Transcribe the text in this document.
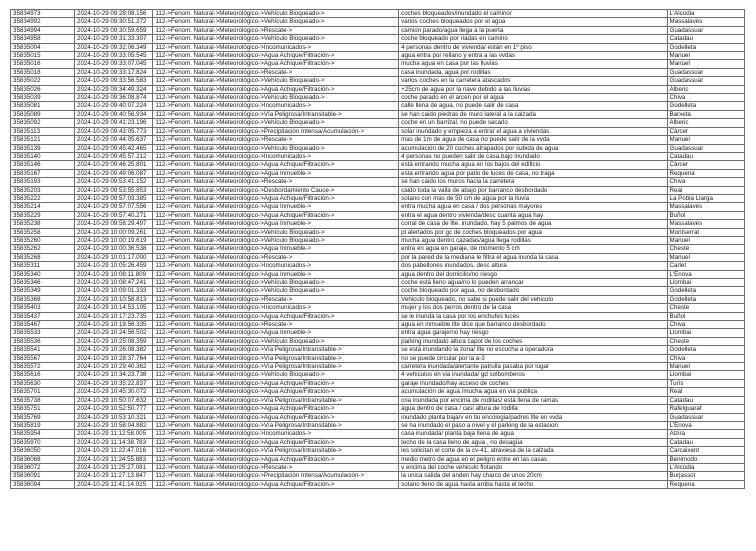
35834973	2024-10-29 09:28:08.156	112->Fenom. Natural->Meteorológico->Vehículo Bloqueado->	coches bloqueados/inundado el camino/	L'Alcúdia
35834992	2024-10-29 09:30:51.272	112->Fenom. Natural->Meteorológico->Vehículo Bloqueado->	varios coches bloqueados por el agua	Massalavés
35834994	2024-10-29 09:30:59.659	112->Fenom. Natural->Meteorológico->Rescate->	camion parado/agua llega a la puerta	Guadassuar
35834958	2024-10-29 09:31:33.307	112->Fenom. Natural->Meteorológico->Vehículo Bloqueado->	coche bloqueado por riadas en camino	Catadau
35835004	2024-10-29 09:32:06.349	112->Fenom. Natural->Meteorológico->Incomunicados->	4 personas dentro de vivienda/ están en 1º piso	Godelleta
35835015	2024-10-29 09:33:05.545	112->Fenom. Natural->Meteorológico->Agua Achique/Filtración->	agua entra por rellano y entra a las vvdas	Manuel
35835016	2024-10-29 09:33:07.045	112->Fenom. Natural->Meteorológico->Agua Achique/Filtración->	mucha agua en casa por las lluvias	Manuel
35835018	2024-10-29 09:33:17.824	112->Fenom. Natural->Meteorológico->Rescate->	casa inundada, agua por rodillas	Guadassuar
35835022	2024-10-29 09:33:56.583	112->Fenom. Natural->Meteorológico->Vehículo Bloqueado->	varios coches en la carretera atascados	Guadassuar
35835026	2024-10-29 09:34:49.324	112->Fenom. Natural->Meteorológico->Agua Achique/Filtración->	+25cm de agua por la nave debido a las lluvias	Alberic
35835039	2024-10-29 09:36:08.874	112->Fenom. Natural->Meteorológico->Vehículo Bloqueado->	coche parado en el arcen por el agua	Chiva
35835081	2024-10-29 09:40:07.224	112->Fenom. Natural->Meteorológico->Incomunicados->	calle llena de agua, no puede salir de casa	Godelleta
35835089	2024-10-29 09:40:56.934	112->Fenom. Natural->Meteorológico->Vía Peligrosa/Intransitable->	se han caido piedras de muro lateral a la calzada	Barxeta
35835092	2024-10-29 09:41:23.196	112->Fenom. Natural->Meteorológico->Vehículo Bloqueado->	coche en un barrizal, no puede sacarlo	Alberic
35835113	2024-10-29 09:43:05.773	112->Fenom. Natural->Meteorológico->Precipitación Intensa/Acumulación->	solar inundado y empieza a entrar el agua a viviendas	Càrcer
35835121	2024-10-29 09:44:05.637	112->Fenom. Natural->Meteorológico->Rescate->	mas de 1m de agua de casa no puede salir de la vvda	Manuel
35835139	2024-10-29 09:45:42.465	112->Fenom. Natural->Meteorológico->Vehículo Bloqueado->	acumulación de 20 coches atrapados por subida de agua	Guadassuar
35835140	2024-10-29 09:45:57.212	112->Fenom. Natural->Meteorológico->Incomunicados->	4 personas no pueden salir de casa,bajo inundado	Catadau
35835146	2024-10-29 09:46:25.801	112->Fenom. Natural->Meteorológico->Agua Achique/Filtración->	está entrando mucha agua en los bajos del edificio	Càrcer
35835167	2024-10-29 09:49:06.087	112->Fenom. Natural->Meteorológico->Agua Inmueble->	esta entrando agua por patio de luces de casa, no traga	Requena
35835193	2024-10-29 09:53:41.152	112->Fenom. Natural->Meteorológico->Rescate->	se han caido los muros hacia la carretera	Chiva
35835203	2024-10-29 09:53:55.853	112->Fenom. Natural->Meteorológico->Desbordamiento Cauce->	caido toda la valla de abajo por barranco desbordado	Real
35835222	2024-10-29 09:57:03.385	112->Fenom. Natural->Meteorológico->Agua Achique/Filtración->	sotano con mas de 50 cm de agua por la lluvia	La Pobla Llarga
35835214	2024-10-29 09:57:07.556	112->Fenom. Natural->Meteorológico->Agua Inmueble->	entra mucha agua en casa / dos personas mayores	Massalavés
35835229	2024-10-29 09:57:40.271	112->Fenom. Natural->Meteorológico->Agua Achique/Filtración->	entra el agua dentro vivienda/desc cuanta agua hay	Buñol
35835238	2024-10-29 09:58:29.497	112->Fenom. Natural->Meteorológico->Agua Inmueble->	corral de casa de llte. inundado, hay 5 palmos de agua	Massalavés
35835258	2024-10-29 10:00:09.261	112->Fenom. Natural->Meteorológico->Vehículo Bloqueado->	pl alertados por gc de coches bloqueados por agua	Montserrat
35835260	2024-10-29 10:00:19.619	112->Fenom. Natural->Meteorológico->Vehículo Bloqueado->	mucha agua dentro cazadas/agua llega rodillas	Manuel
35835262	2024-10-29 10:00:36.538	112->Fenom. Natural->Meteorológico->Agua Inmueble->	entra en agua en garaje, de momento 5 cm	Cheste
35835268	2024-10-29 10:01:17.000	112->Fenom. Natural->Meteorológico->Rescate->	por la pared de la mediana le filtra el agua inunda la casa	Manuel
35835311	2024-10-29 10:05:26.459	112->Fenom. Natural->Meteorológico->Incomunicados->	dos pabellones inundados, desc altura	Carlet
35835340	2024-10-29 10:08:11.809	112->Fenom. Natural->Meteorológico->Agua Inmueble->	agua dentro del domicilio/no riesgo	L'Énova
35835346	2024-10-29 10:08:47.241	112->Fenom. Natural->Meteorológico->Vehículo Bloqueado->	coche está lleno agua/no lo pueden arrancar	Llombai
35835349	2024-10-29 10:09:01.333	112->Fenom. Natural->Meteorológico->Vehículo Bloqueado->	coche bloqueado por agua, no desbordado	Godelleta
35835368	2024-10-29 10:10:58.813	112->Fenom. Natural->Meteorológico->Rescate->	Vehiculo bloqueado, no sabe si puede salir del vehiculo	Godelleta
35835403	2024-10-29 10:14:53.105	112->Fenom. Natural->Meteorológico->Incomunicados->	mujer y los dos perros dentro de la casa	Cheste
35835437	2024-10-29 10:17:23.735	112->Fenom. Natural->Meteorológico->Agua Achique/Filtración->	se le inunda la casa por los enchufes luces	Buñol
35835467	2024-10-29 10:19:56.335	112->Fenom. Natural->Meteorológico->Rescate->	agua en inmueble llte dice que barranco desbordado	Chiva
35835533	2024-10-29 10:24:56.502	112->Fenom. Natural->Meteorológico->Agua Inmueble->	entra agua garaje/no hay riesgo	Llombai
35835536	2024-10-29 10:25:08.359	112->Fenom. Natural->Meteorológico->Vehículo Bloqueado->	parking inundado altura capot de los coches	Cheste
35835541	2024-10-29 10:26:08.382	112->Fenom. Natural->Meteorológico->Vía Peligrosa/Intransitable->	se está inundando la zona/ llte no escucha a operadora	Godelleta
35835567	2024-10-29 10:28:37.764	112->Fenom. Natural->Meteorológico->Vía Peligrosa/Intransitable->	no se puede circular por la a-3	Chiva
35835572	2024-10-29 10:29:40.362	112->Fenom. Natural->Meteorológico->Vía Peligrosa/Intransitable->	carretera inundada/alertante patrulla pasaba por lugar	Manuel
35835616	2024-10-29 10:34:23.738	112->Fenom. Natural->Meteorológico->Vehículo Bloqueado->	4 vehiculos en via inundada/ gd solbomberos	Llombai
35835630	2024-10-29 10:35:22.837	112->Fenom. Natural->Meteorológico->Agua Achique/Filtración->	garaje inundado/hay acceso de coches	Turís
35835701	2024-10-29 10:45:30.072	112->Fenom. Natural->Meteorológico->Agua Achique/Filtración->	acumulación de agua /mucha agua en via publica	Real
35835738	2024-10-29 10:50:07.632	112->Fenom. Natural->Meteorológico->Vía Peligrosa/Intransitable->	cria inundada por encima de rodillas/ está llena de ramas	Catadau
35835751	2024-10-29 10:52:50.777	112->Fenom. Natural->Meteorológico->Agua Achique/Filtración->	agua dentro de casa / casi altura de rodilla	Rafelguaraf
35835769	2024-10-29 10:53:10.321	112->Fenom. Natural->Meteorológico->Agua Achique/Filtración->	inundado planta baja/v en tiu encologia/padres llte en vvda	Guadassuar
35835819	2024-10-29 10:58:04.882	112->Fenom. Natural->Meteorológico->Vía Peligrosa/Intransitable->	se ha inundado el paso a nivel y el parking de la estacion	L'Énova
35835954	2024-10-29 11:12:58.005	112->Fenom. Natural->Meteorológico->Incomunicados->	casa inundada/ planta baja llena de agua	Alzira
35835970	2024-10-29 11:14:38.783	112->Fenom. Natural->Meteorológico->Agua Achique/Filtración->	techo de la casa lleno de agua , no desagüa	Catadau
35836050	2024-10-29 11:22:47.016	112->Fenom. Natural->Meteorológico->Vía Peligrosa/Intransitable->	les solicitan el corte de la cv-41, atraviesa de la calzada	Carcaixent
35836068	2024-10-29 11:24:55.883	112->Fenom. Natural->Meteorológico->Agua Achique/Filtración->	medio metro de agua en el peligro entre en las casas	Benimodo
35836072	2024-10-29 11:25:27.081	112->Fenom. Natural->Meteorológico->Rescate->	v encima del coche vehiculo flotando	L'Alcúdia
35836091	2024-10-29 11:27:13.847	112->Fenom. Natural->Meteorológico->Precipitación Intensa/Acumulación->	la unica salida del anden hay charco de unos 20cm	Burjassot
35836094	2024-10-29 11:41:14.025	112->Fenom. Natural->Meteorológico->Agua Achique/Filtración->	sotano lleno de agua hasta arriba hasta el techo	Requena
